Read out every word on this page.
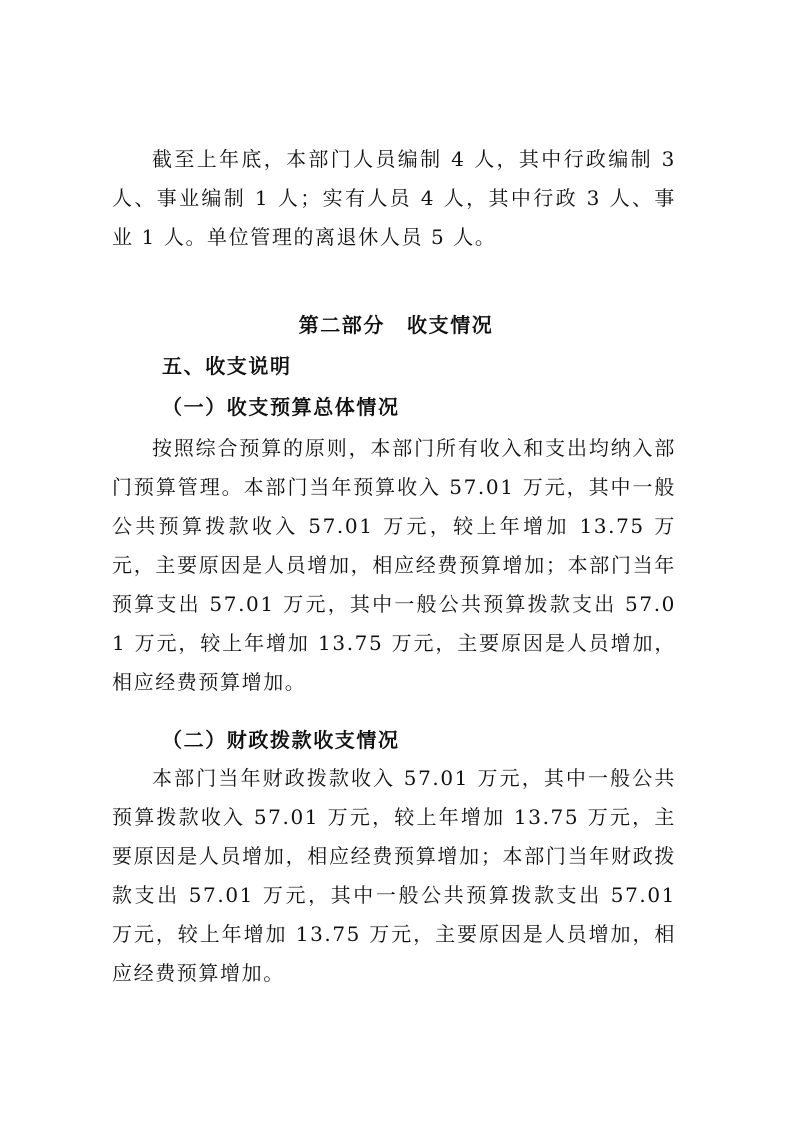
截至上年底，本部门人员编制 4 人，其中行政编制 3 人、事业编制 1 人；实有人员 4 人，其中行政 3 人、事业 1 人。单位管理的离退休人员 5 人。

第二部分 收支情况
五、收支说明
（一）收支预算总体情况

按照综合预算的原则，本部门所有收入和支出均纳入部门预算管理。本部门当年预算收入 57.01 万元，其中一般公共预算拨款收入 57.01 万元，较上年增加 13.75 万元，主要原因是人员增加，相应经费预算增加；本部门当年预算支出 57.01 万元，其中一般公共预算拨款支出 57.01 万元，较上年增加 13.75 万元，主要原因是人员增加，相应经费预算增加。

（二）财政拨款收支情况

本部门当年财政拨款收入 57.01 万元，其中一般公共预算拨款收入 57.01 万元，较上年增加 13.75 万元，主要原因是人员增加，相应经费预算增加；本部门当年财政拨款支出 57.01 万元，其中一般公共预算拨款支出 57.01 万元，较上年增加 13.75 万元，主要原因是人员增加，相应经费预算增加。
